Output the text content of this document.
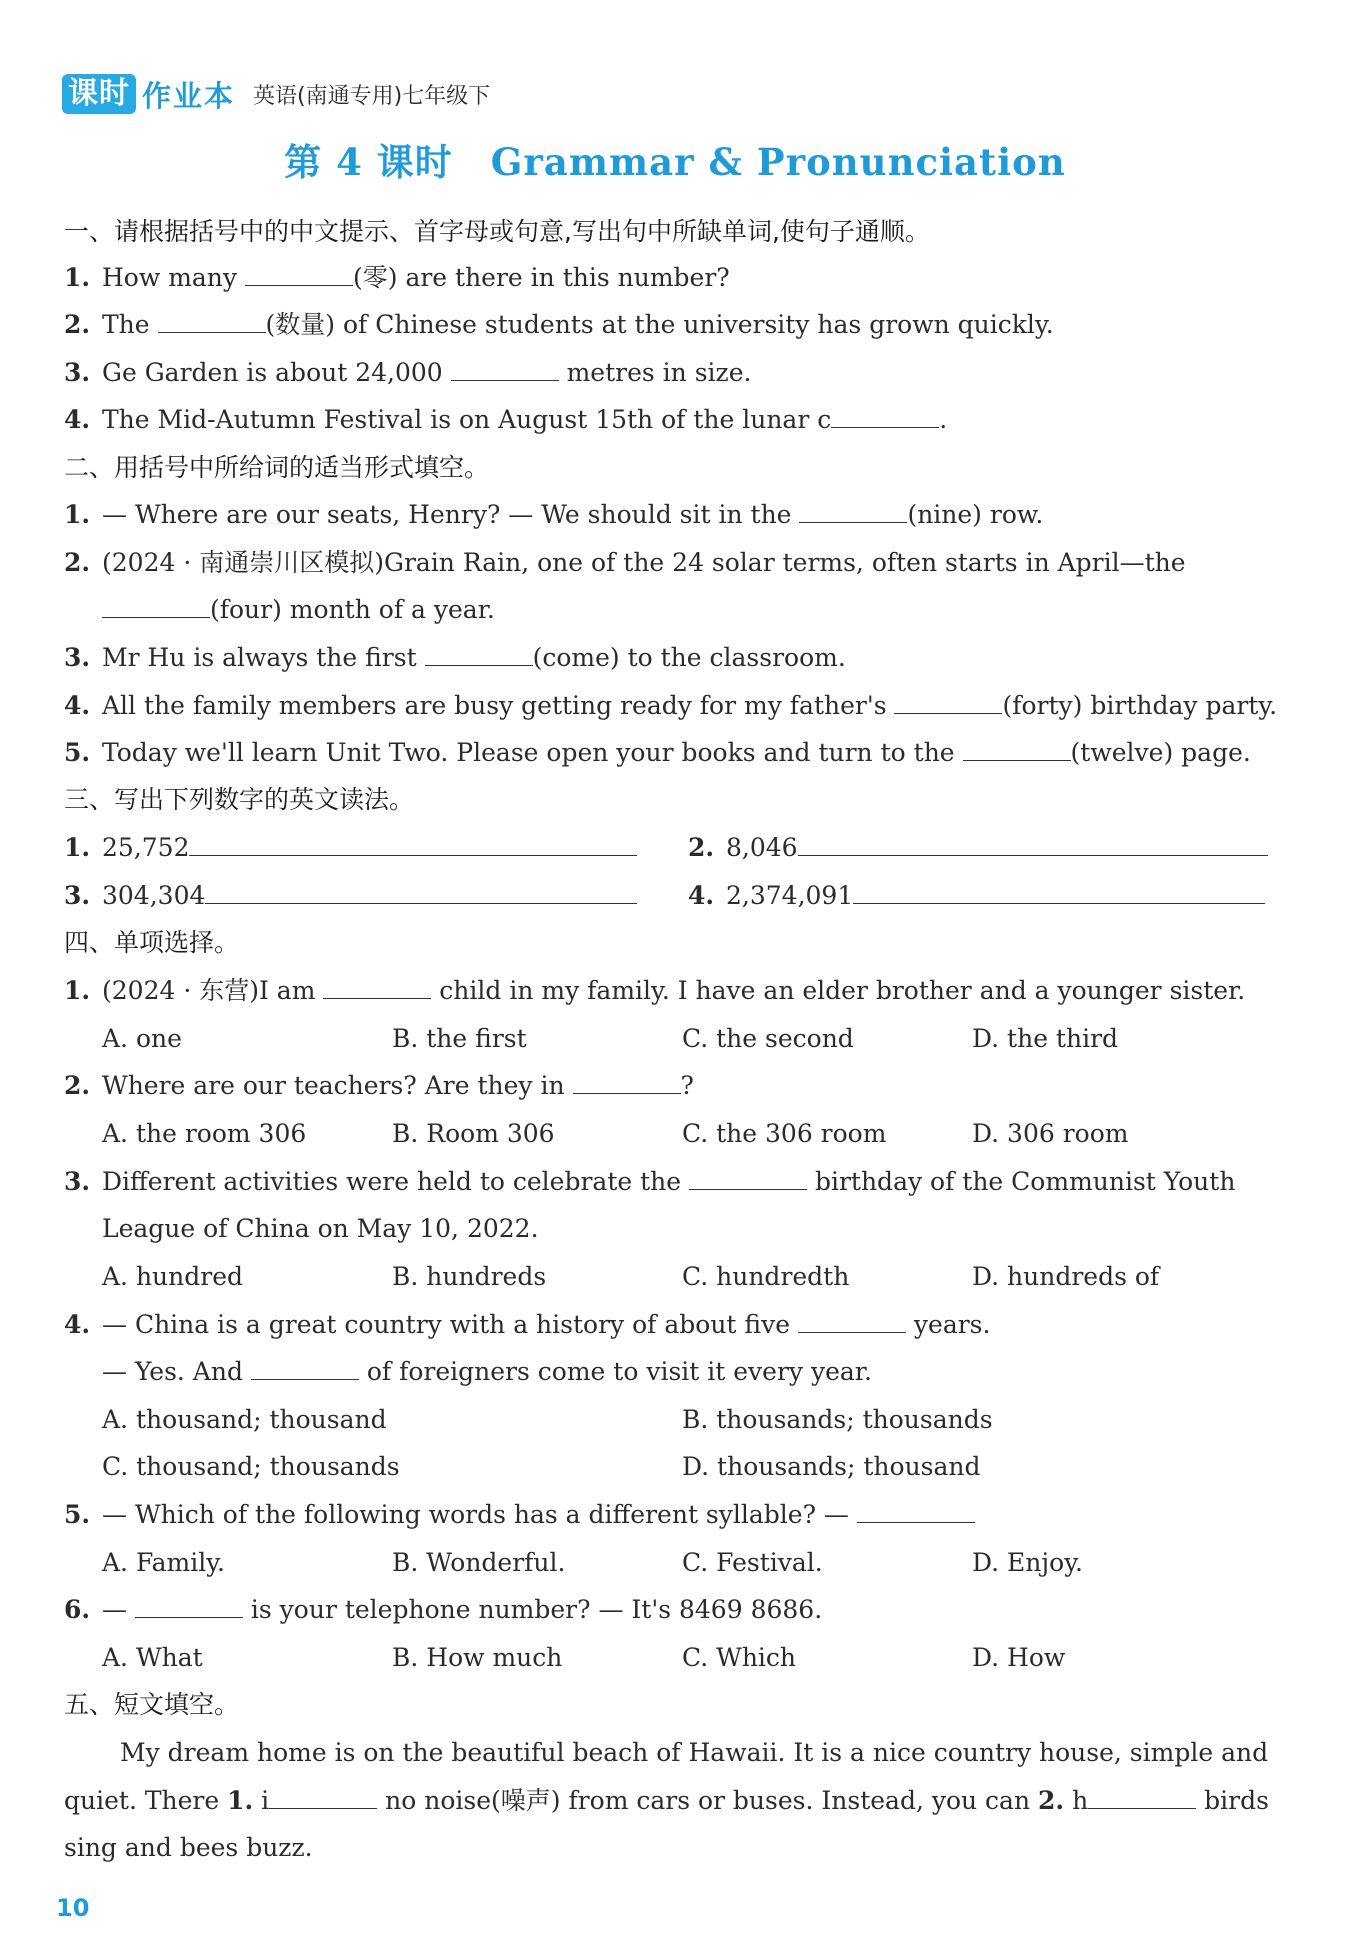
课时 作业本 英语(南通专用)七年级下
第 4 课时 Grammar & Pronunciation
一、请根据括号中的中文提示、首字母或句意,写出句中所缺单词,使句子通顺。
1. How many	(零) are there in this number?
2. The	(数量) of Chinese students at the university has grown quickly.
3. Ge Garden is about 24,000	metres in size.
4. The Mid-Autumn Festival is on August 15th of the lunar c	.
二、用括号中所给词的适当形式填空。
1. — Where are our seats, Henry? — We should sit in the	(nine) row.
2. (2024 · 南通崇川区模拟)Grain Rain, one of the 24 solar terms, often starts in April—the
(four) month of a year.
3. Mr Hu is always the first	(come) to the classroom.
4. All the family members are busy getting ready for my father's	(forty) birthday party.
5. Today we'll learn Unit Two. Please open your books and turn to the	(twelve) page.
三、写出下列数字的英文读法。
1. 25,752	2. 8,046
3. 304,304	4. 2,374,091
四、单项选择。
1. (2024 · 东营)I am	child in my family. I have an elder brother and a younger sister.
A. one	B. the first	C. the second	D. the third
2. Where are our teachers? Are they in	?
A. the room 306	B. Room 306	C. the 306 room	D. 306 room
3. Different activities were held to celebrate the	birthday of the Communist Youth
League of China on May 10, 2022.
A. hundred	B. hundreds	C. hundredth	D. hundreds of
4. — China is a great country with a history of about five	years.
— Yes. And	of foreigners come to visit it every year.
A. thousand; thousand	B. thousands; thousands
C. thousand; thousands	D. thousands; thousand
5. — Which of the following words has a different syllable? —
A. Family.	B. Wonderful.	C. Festival.	D. Enjoy.
6. —	is your telephone number? — It's 8469 8686.
A. What	B. How much	C. Which	D. How
五、短文填空。
My dream home is on the beautiful beach of Hawaii. It is a nice country house, simple and
quiet. There 1. i	no noise(噪声) from cars or buses. Instead, you can 2. h	birds
sing and bees buzz.
10
